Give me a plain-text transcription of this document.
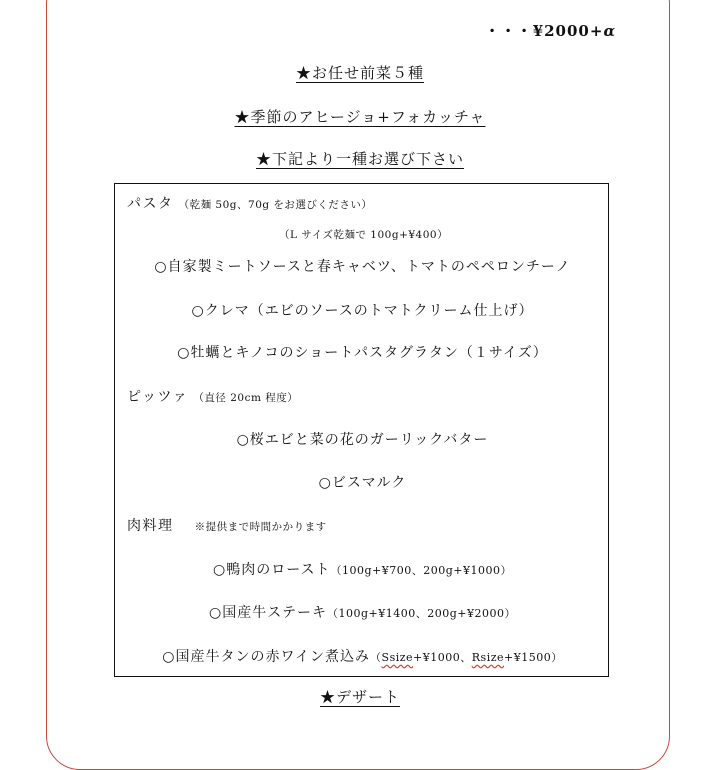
・・・¥2000+α
★お任せ前菜５種
★季節のアヒージョ+フォカッチャ
★下記より一種お選び下さい
パスタ （乾麺 50g、70g をお選びください）
（L サイズ乾麺で 100g+¥400）
○自家製ミートソースと春キャベツ、トマトのペペロンチーノ
○クレマ（エビのソースのトマトクリーム仕上げ）
○牡蠣とキノコのショートパスタグラタン（１サイズ）
ピッツァ （直径 20cm 程度）
○桜エビと菜の花のガーリックバター
○ビスマルク
肉料理 ※提供まで時間かかります
○鴨肉のロースト（100g+¥700、200g+¥1000）
○国産牛ステーキ（100g+¥1400、200g+¥2000）
○国産牛タンの赤ワイン煮込み（Ssize+¥1000、Rsize+¥1500）
★デザート
